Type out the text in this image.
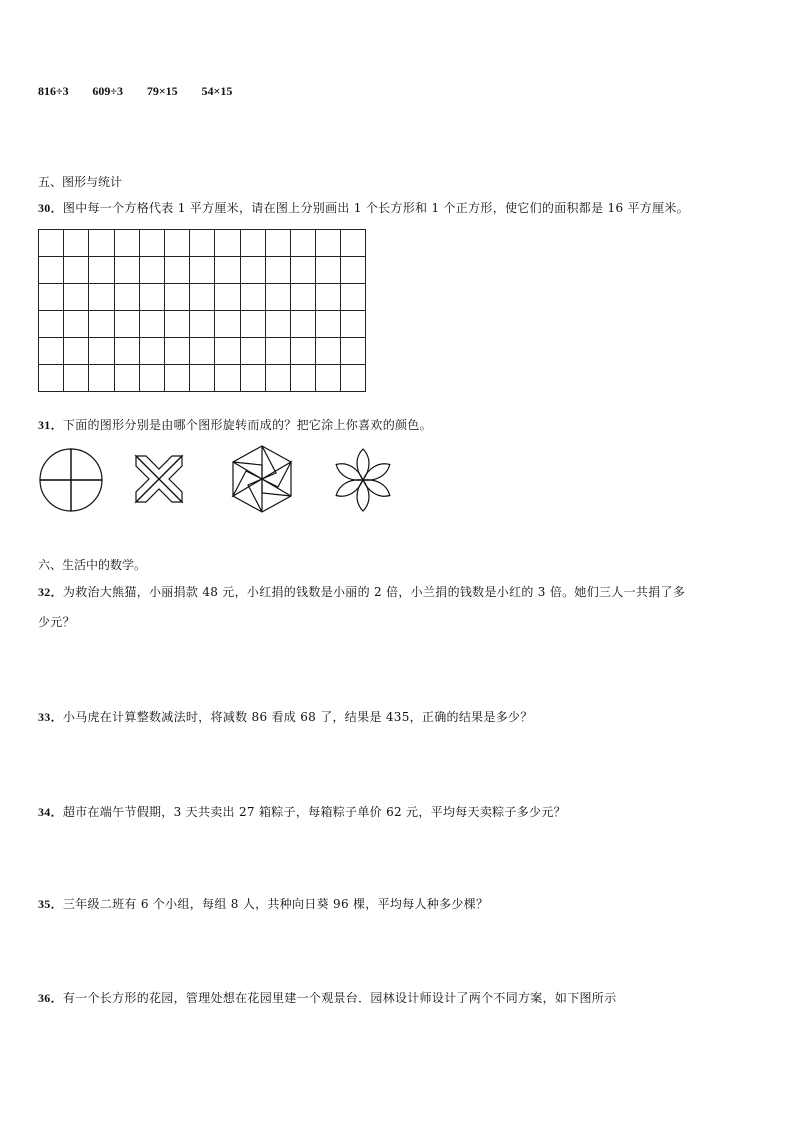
816÷3 609÷3 79×15 54×15
五、图形与统计
30．图中每一个方格代表 1 平方厘米，请在图上分别画出 1 个长方形和 1 个正方形，使它们的面积都是 16 平方厘米。

31．下面的图形分别是由哪个图形旋转而成的？把它涂上你喜欢的颜色。
六、生活中的数学。
32．为救治大熊猫，小丽捐款 48 元，小红捐的钱数是小丽的 2 倍，小兰捐的钱数是小红的 3 倍。她们三人一共捐了多
少元？
33．小马虎在计算整数减法时，将减数 86 看成 68 了，结果是 435，正确的结果是多少？
34．超市在端午节假期，3 天共卖出 27 箱粽子，每箱粽子单价 62 元，平均每天卖粽子多少元？
35．三年级二班有 6 个小组，每组 8 人，共种向日葵 96 棵，平均每人种多少棵？
36．有一个长方形的花园，管理处想在花园里建一个观景台．园林设计师设计了两个不同方案，如下图所示
